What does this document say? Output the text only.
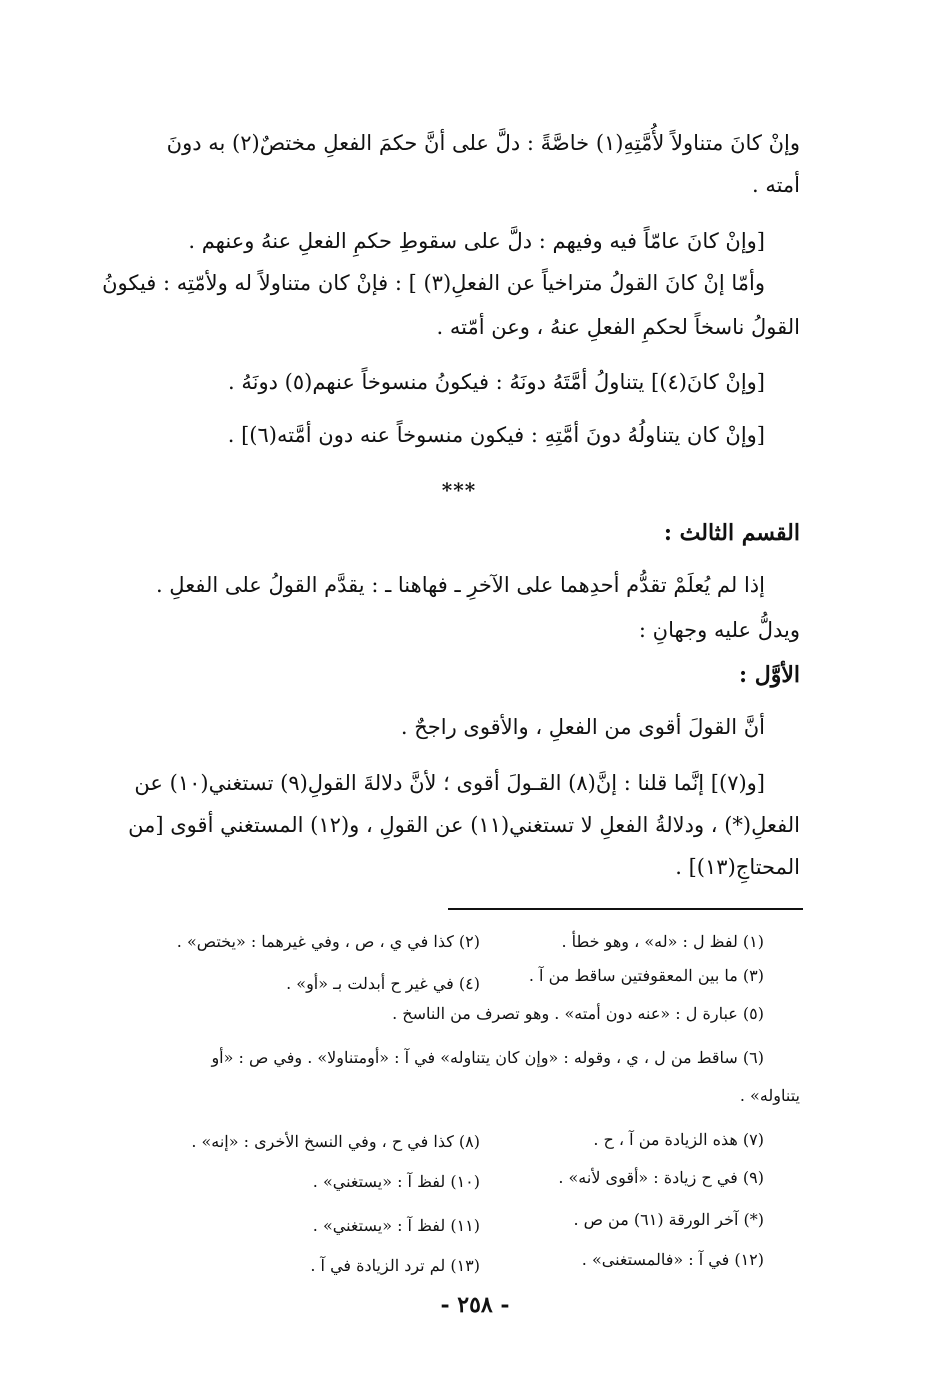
وإنْ كانَ متناولاً لأُمَّتِهِ(١) خاصَّةً : دلَّ على أنَّ حكمَ الفعلِ مختصٌ(٢) به دونَ
أمته .
[وإنْ كانَ عامّاً فيه وفيهم : دلَّ على سقوطِ حكمِ الفعلِ عنهُ وعنهم .
وأمّا إنْ كانَ القولُ متراخياً عن الفعلِ(٣) ] : فإنْ كان متناولاً له ولأمّتِه : فيكونُ
القولُ ناسخاً لحكمِ الفعلِ عنهُ ، وعن أمّته .
[وإنْ كانَ(٤)] يتناولُ أمَّتَهُ دونَهُ : فيكونُ منسوخاً عنهم(٥) دونَهُ .
[وإنْ كان يتناولُهُ دونَ أمَّتِهِ : فيكون منسوخاً عنه دون أمَّته(٦)] .
***
القسم الثالث :
إذا لم يُعلَمْ تقدُّم أحدِهما على الآخرِ ـ فهاهنا ـ : يقدَّم القولُ على الفعلِ .
ويدلُّ عليه وجهانِ :
الأوَّل :
أنَّ القولَ أقوى من الفعلِ ، والأقوى راجحٌ .
[و(٧)] إنَّما قلنا : إنَّ(٨) القـولَ أقوى ؛ لأنَّ دلالةَ القولِ(٩) تستغني(١٠) عن
الفعلِ(*) ، ودلالةُ الفعلِ لا تستغني(١١) عن القولِ ، و(١٢) المستغني أقوى [من
المحتاجِ(١٣)] .
(١) لفظ ل : «له» ، وهو خطأ .
(٢) كذا في ي ، ص ، وفي غيرهما : «يختص» .
(٣) ما بين المعقوفتين ساقط من آ .
(٤) في غير ح أبدلت بـ «أو» .
(٥) عبارة ل : «عنه دون أمته» . وهو تصرف من الناسخ .
(٦) ساقط من ل ، ي ، وقوله : «وإن كان يتناوله» في آ : «أومتناولا» . وفي ص : «أو
يتناوله» .
(٧) هذه الزيادة من آ ، ح .
(٨) كذا في ح ، وفي النسخ الأخرى : «إنه» .
(٩) في ح زيادة : «أقوى لأنه» .
(١٠) لفظ آ : «يستغني» .
(*) آخر الورقة (٦١) من ص .
(١١) لفظ آ : «يستغني» .
(١٢) في آ : «فالمستغنى» .
(١٣) لم ترد الزيادة في آ .
- ٢٥٨ -
